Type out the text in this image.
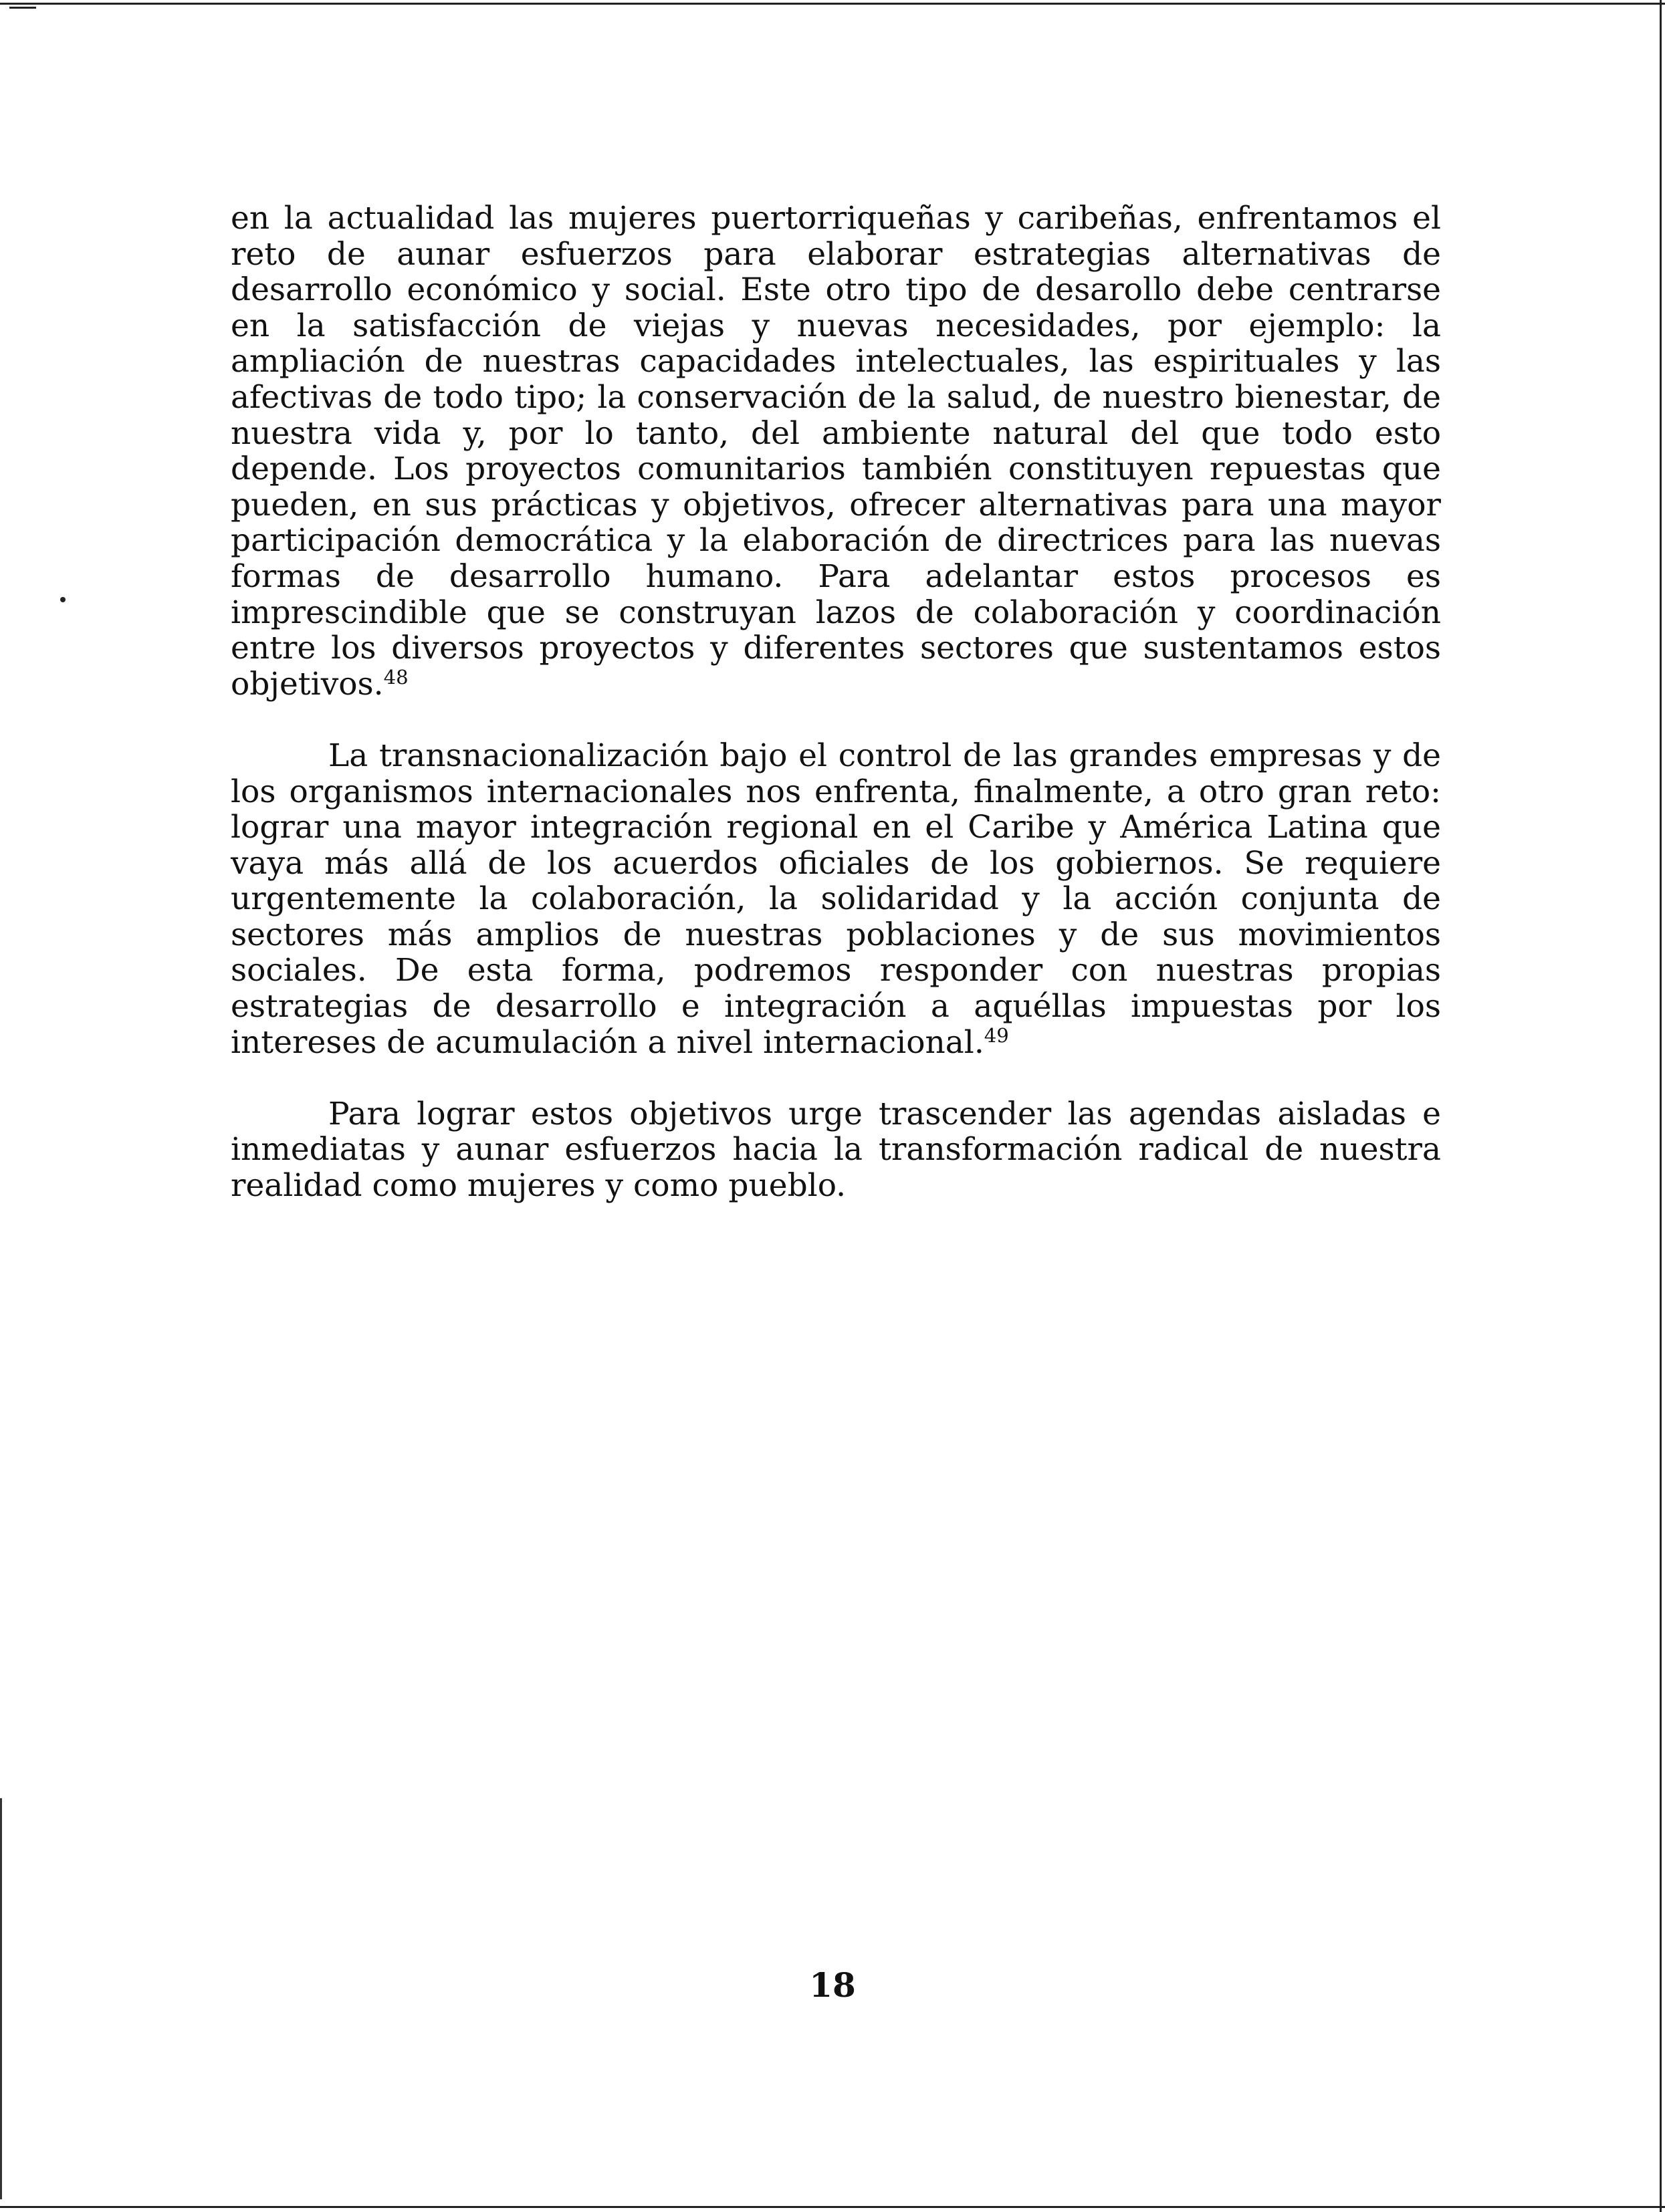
en la actualidad las mujeres puertorriqueñas y caribeñas, enfrentamos el reto de aunar esfuerzos para elaborar estrategias alternativas de desarrollo económico y social. Este otro tipo de desarollo debe centrarse en la satisfacción de viejas y nuevas necesidades, por ejemplo: la ampliación de nuestras capacidades intelectuales, las espirituales y las afectivas de todo tipo; la conservación de la salud, de nuestro bienestar, de nuestra vida y, por lo tanto, del ambiente natural del que todo esto depende. Los proyectos comunitarios también constituyen repuestas que pueden, en sus prácticas y objetivos, ofrecer alternativas para una mayor participación democrática y la elaboración de directrices para las nuevas formas de desarrollo humano. Para adelantar estos procesos es imprescindible que se construyan lazos de colaboración y coordinación entre los diversos proyectos y diferentes sectores que sustentamos estos objetivos.$^{48}$

La transnacionalización bajo el control de las grandes empresas y de los organismos internacionales nos enfrenta, finalmente, a otro gran reto: lograr una mayor integración regional en el Caribe y América Latina que vaya más allá de los acuerdos oficiales de los gobiernos. Se requiere urgentemente la colaboración, la solidaridad y la acción conjunta de sectores más amplios de nuestras poblaciones y de sus movimientos sociales. De esta forma, podremos responder con nuestras propias estrategias de desarrollo e integración a aquéllas impuestas por los intereses de acumulación a nivel internacional.$^{49}$

Para lograr estos objetivos urge trascender las agendas aisladas e inmediatas y aunar esfuerzos hacia la transformación radical de nuestra realidad como mujeres y como pueblo.

18
